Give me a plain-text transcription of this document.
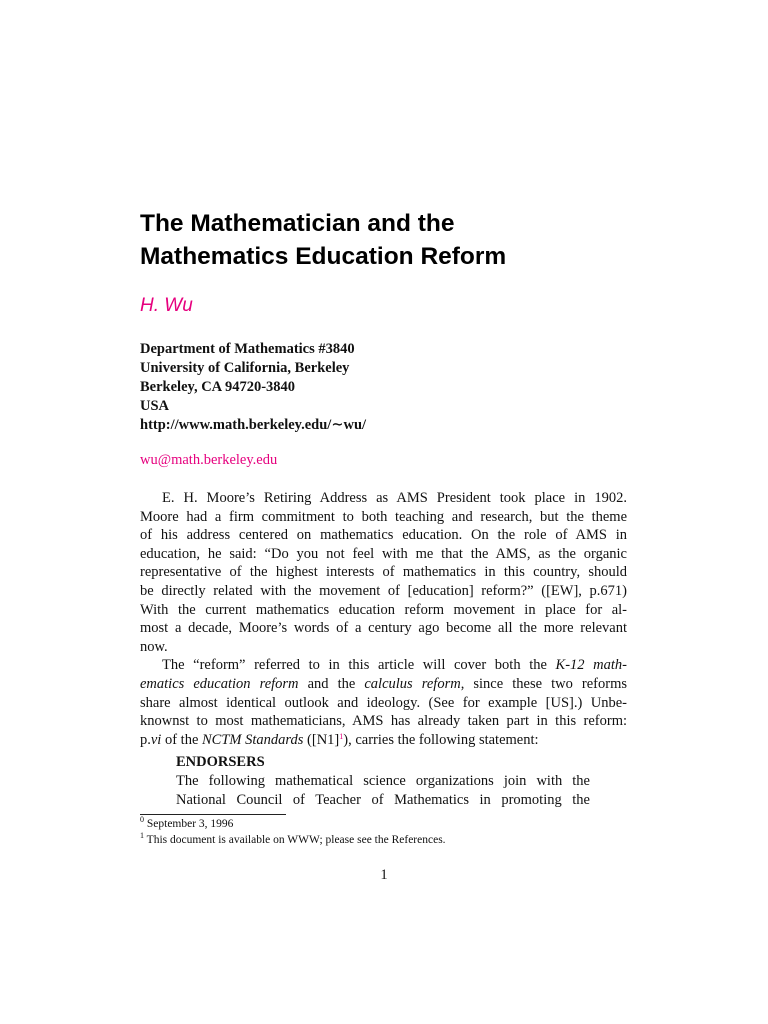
The Mathematician and the
Mathematics Education Reform
H. Wu
Department of Mathematics #3840
University of California, Berkeley
Berkeley, CA 94720-3840
USA
http://www.math.berkeley.edu/∼wu/
wu@math.berkeley.edu
E. H. Moore’s Retiring Address as AMS President took place in 1902.
Moore had a firm commitment to both teaching and research, but the theme
of his address centered on mathematics education. On the role of AMS in
education, he said: “Do you not feel with me that the AMS, as the organic
representative of the highest interests of mathematics in this country, should
be directly related with the movement of [education] reform?” ([EW], p.671)
With the current mathematics education reform movement in place for al-
most a decade, Moore’s words of a century ago become all the more relevant
now.
The “reform” referred to in this article will cover both the K-12 math-
ematics education reform and the calculus reform, since these two reforms
share almost identical outlook and ideology. (See for example [US].) Unbe-
knownst to most mathematicians, AMS has already taken part in this reform:
p.vi of the NCTM Standards $([N1]^1)$, carries the following statement:
ENDORSERS
The following mathematical science organizations join with the
National Council of Teacher of Mathematics in promoting the
$^0$ September 3, 1996
$^1$ This document is available on WWW; please see the References.
1
